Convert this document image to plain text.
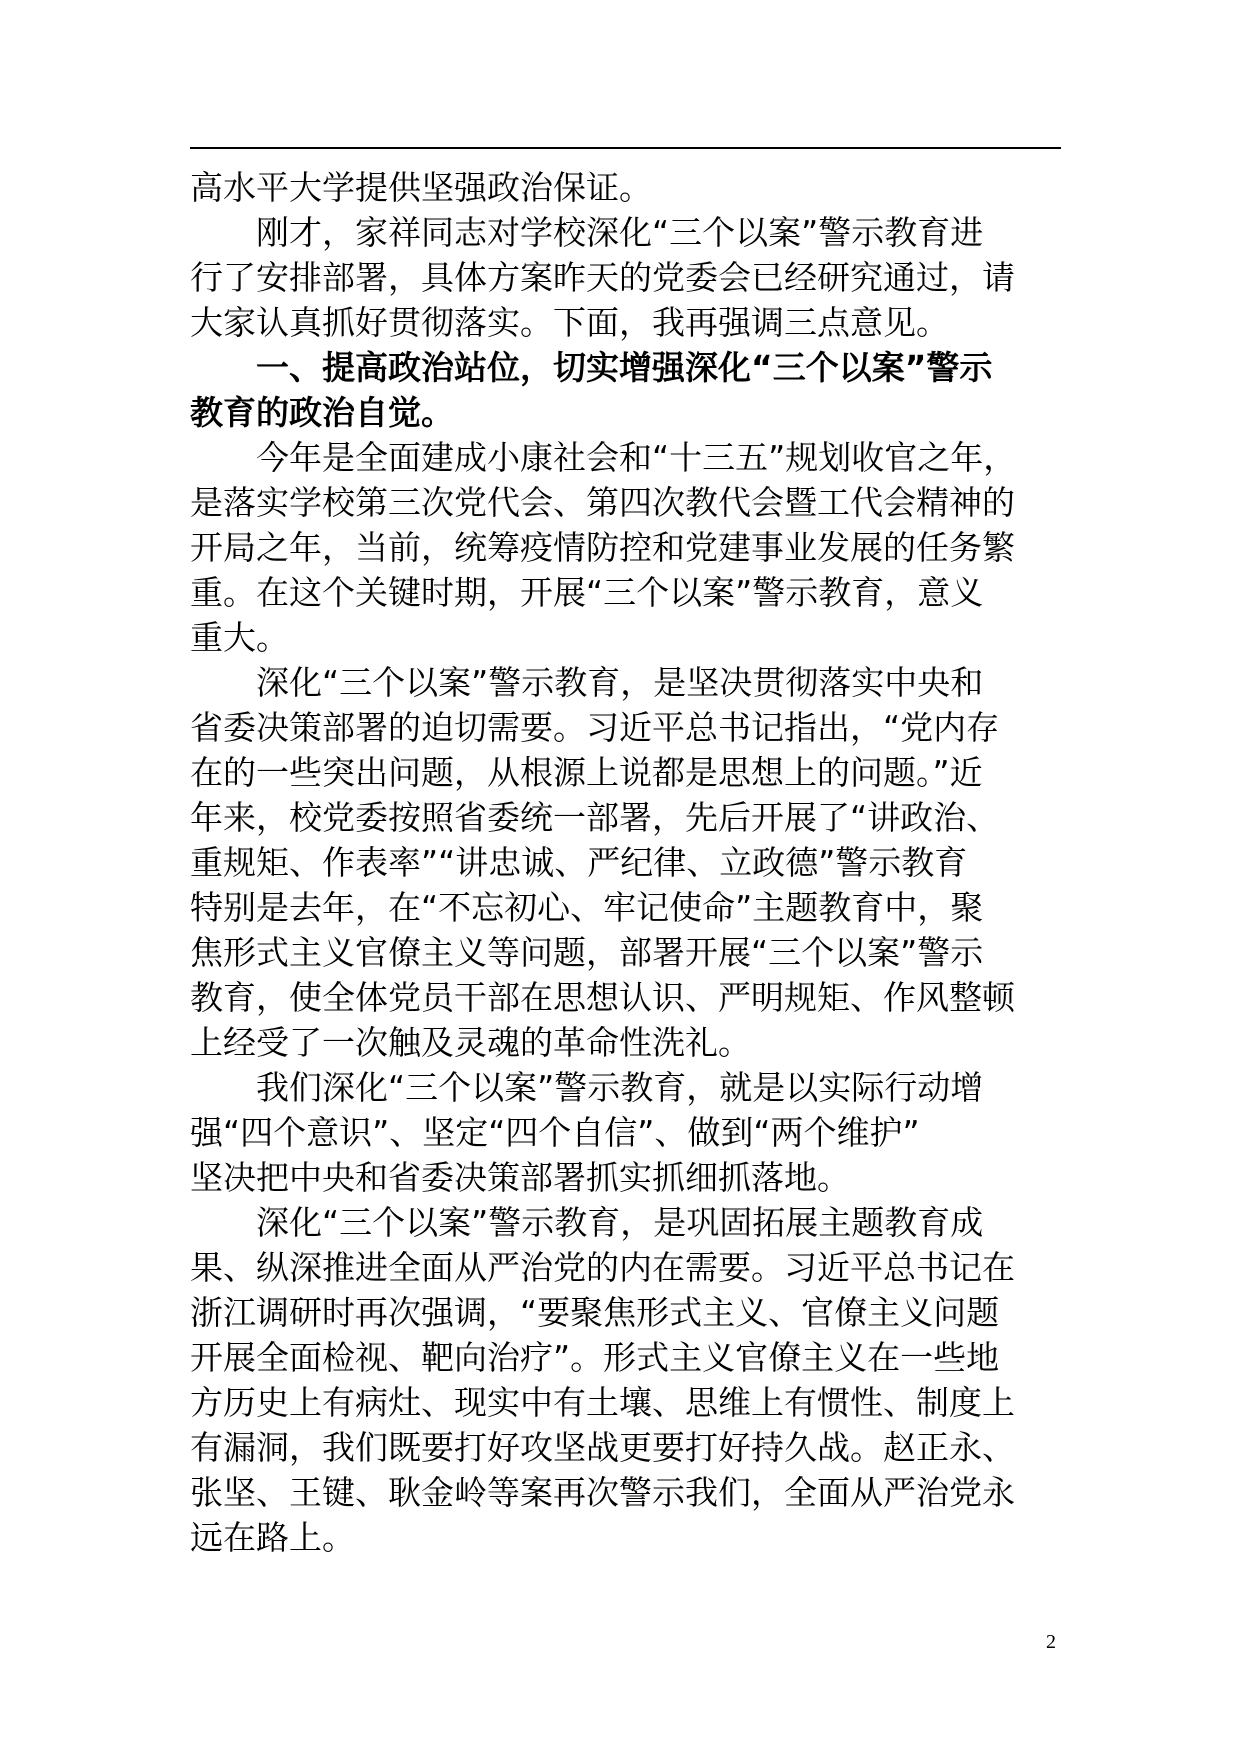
高水平大学提供坚强政治保证。
刚才，家祥同志对学校深化“三个以案”警示教育进
行了安排部署，具体方案昨天的党委会已经研究通过，请
大家认真抓好贯彻落实。下面，我再强调三点意见。
一、提高政治站位，切实增强深化“三个以案”警示
教育的政治自觉。
今年是全面建成小康社会和“十三五”规划收官之年，
是落实学校第三次党代会、第四次教代会暨工代会精神的
开局之年，当前，统筹疫情防控和党建事业发展的任务繁
重。在这个关键时期，开展“三个以案”警示教育，意义
重大。
深化“三个以案”警示教育，是坚决贯彻落实中央和
省委决策部署的迫切需要。习近平总书记指出，“党内存
在的一些突出问题，从根源上说都是思想上的问题。”近
年来，校党委按照省委统一部署，先后开展了“讲政治、
重规矩、作表率”“讲忠诚、严纪律、立政德”警示教育
特别是去年，在“不忘初心、牢记使命”主题教育中，聚
焦形式主义官僚主义等问题，部署开展“三个以案”警示
教育，使全体党员干部在思想认识、严明规矩、作风整顿
上经受了一次触及灵魂的革命性洗礼。
我们深化“三个以案”警示教育，就是以实际行动增
强“四个意识”、坚定“四个自信”、做到“两个维护”
坚决把中央和省委决策部署抓实抓细抓落地。
深化“三个以案”警示教育，是巩固拓展主题教育成
果、纵深推进全面从严治党的内在需要。习近平总书记在
浙江调研时再次强调，“要聚焦形式主义、官僚主义问题
开展全面检视、靶向治疗”。形式主义官僚主义在一些地
方历史上有病灶、现实中有土壤、思维上有惯性、制度上
有漏洞，我们既要打好攻坚战更要打好持久战。赵正永、
张坚、王键、耿金岭等案再次警示我们，全面从严治党永
远在路上。
2
